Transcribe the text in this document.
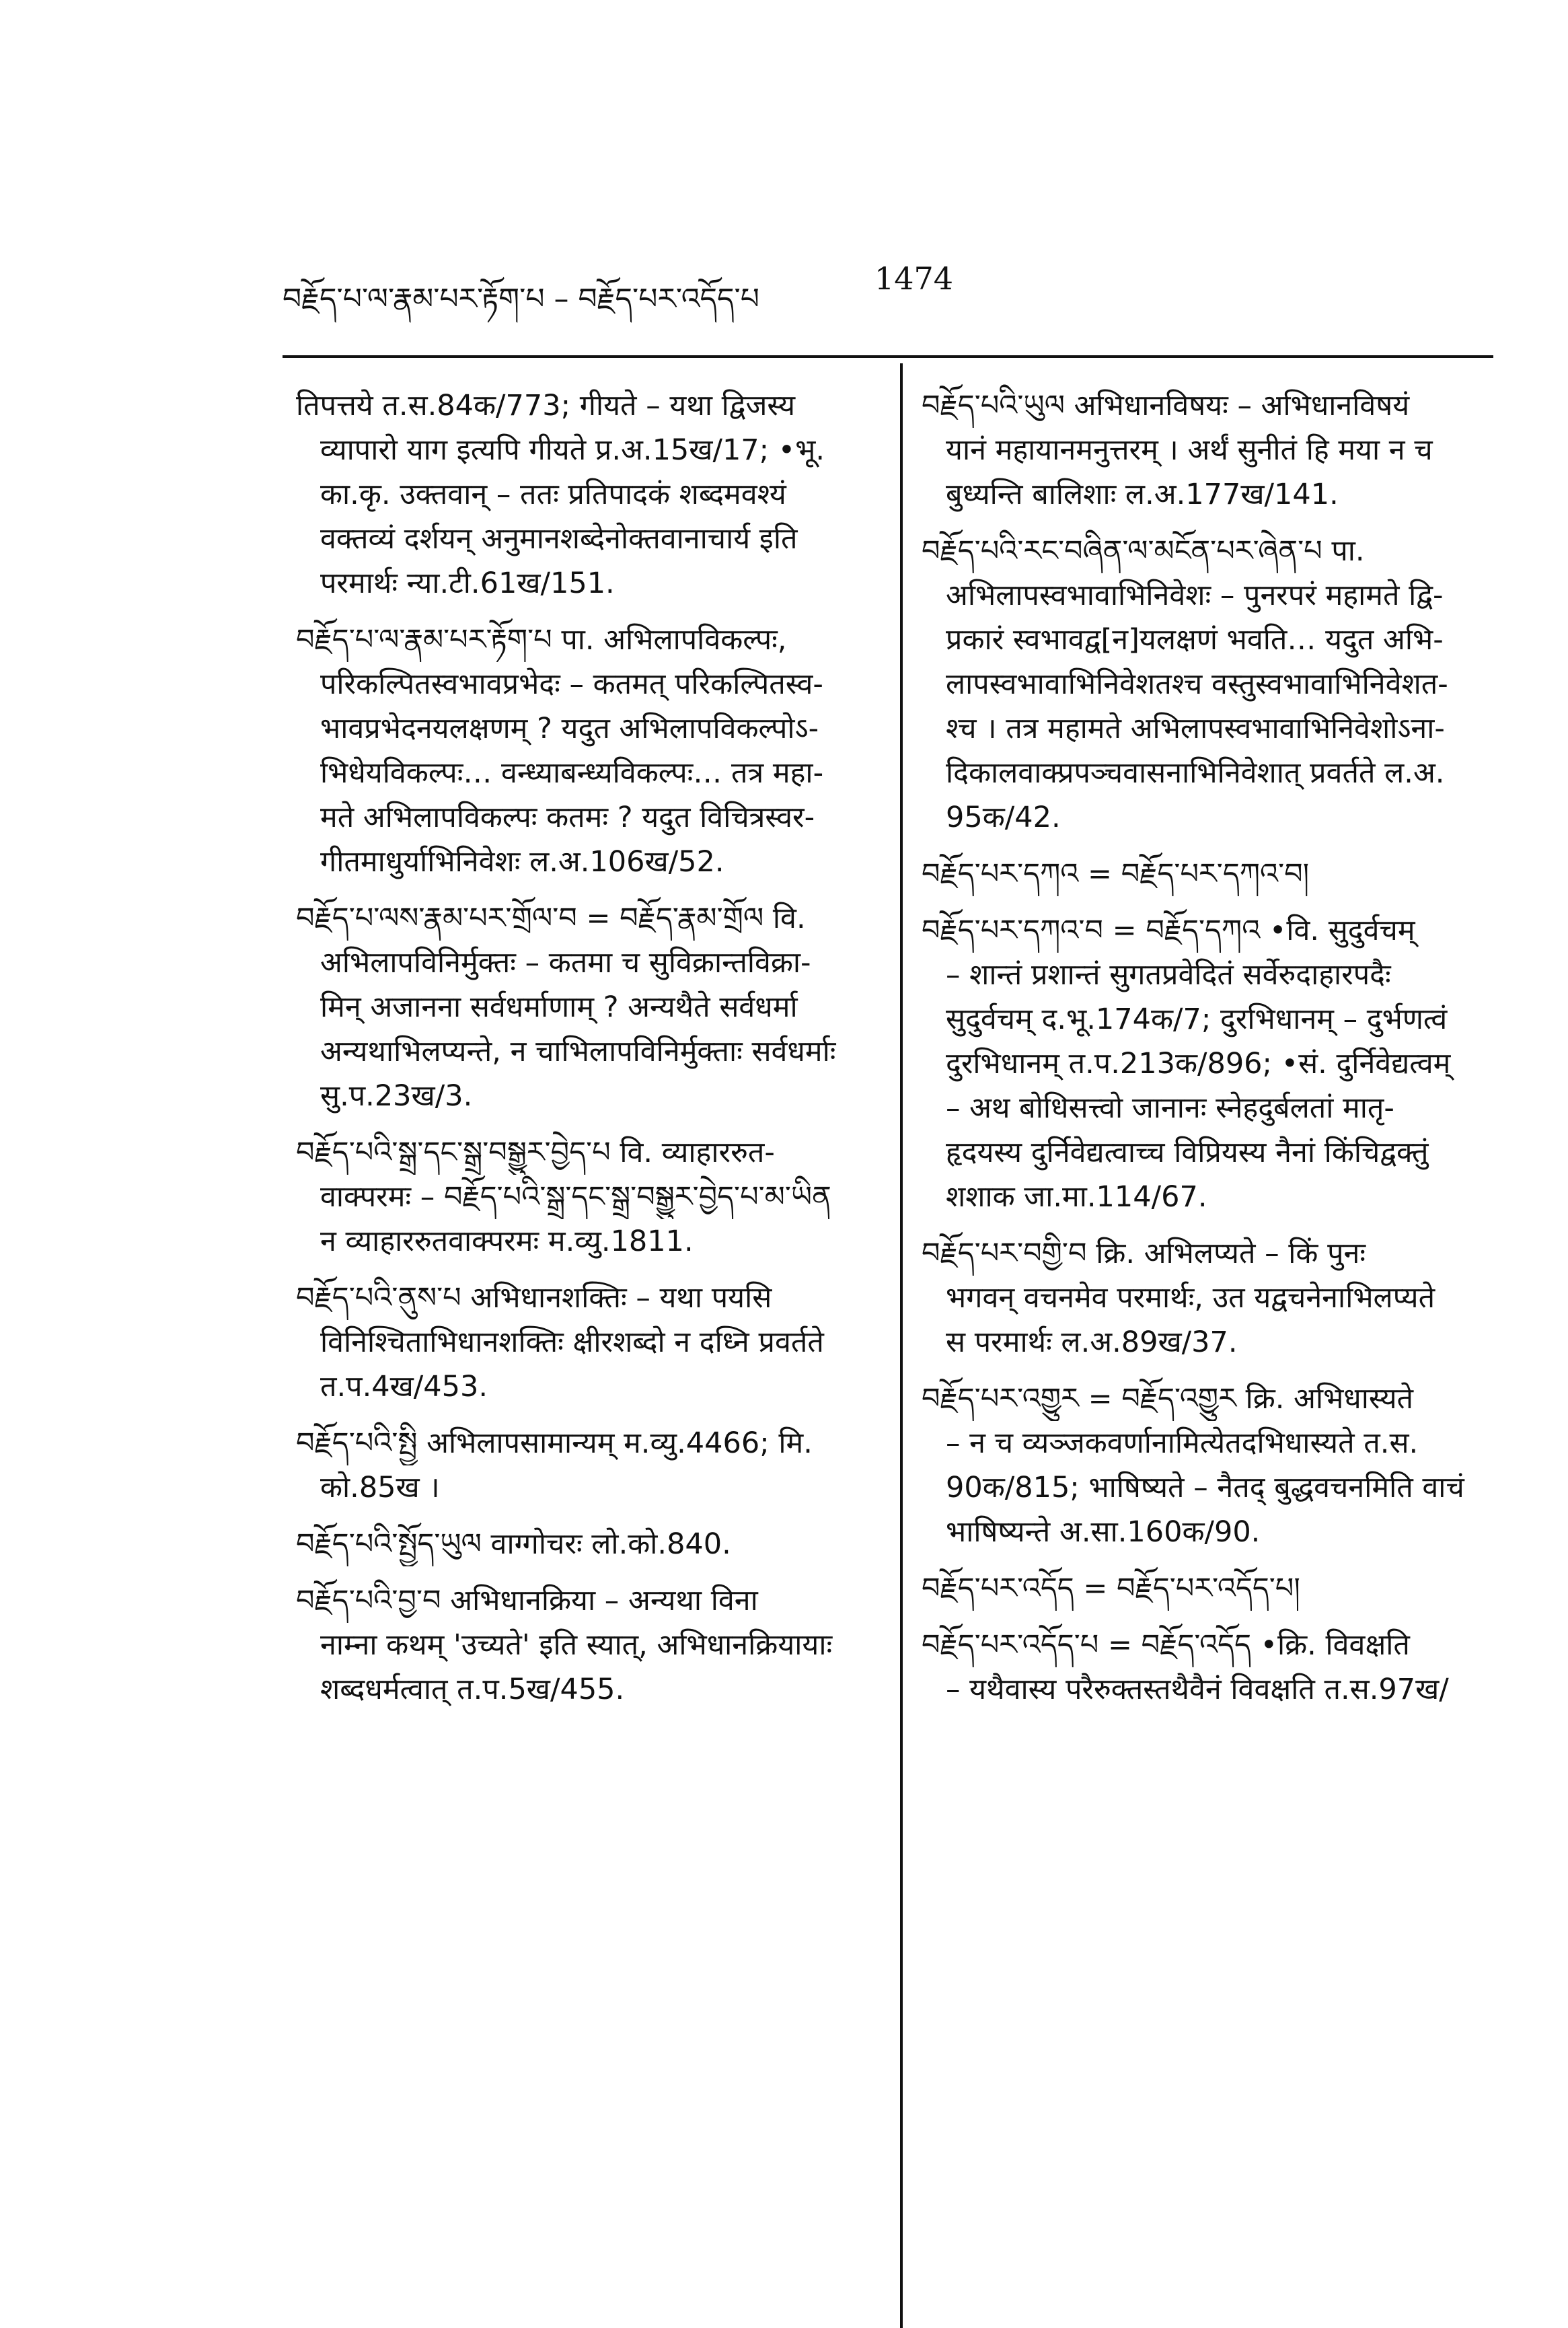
བརྗོད་པ་ལ་རྣམ་པར་རྟོག་པ – བརྗོད་པར་འདོད་པ
1474
तिपत्तये त.स.84क/773; गीयते – यथा द्विजस्य
व्यापारो याग इत्यपि गीयते प्र.अ.15ख/17; •भू.
का.कृ. उक्तवान् – ततः प्रतिपादकं शब्दमवश्यं
वक्तव्यं दर्शयन् अनुमानशब्देनोक्तवानाचार्य इति
परमार्थः न्या.टी.61ख/151.
བརྗོད་པ་ལ་རྣམ་པར་རྟོག་པ पा. अभिलापविकल्पः,
परिकल्पितस्वभावप्रभेदः – कतमत् परिकल्पितस्व-
भावप्रभेदनयलक्षणम् ? यदुत अभिलापविकल्पोऽ-
भिधेयविकल्पः… वन्ध्याबन्ध्यविकल्पः… तत्र महा-
मते अभिलापविकल्पः कतमः ? यदुत विचित्रस्वर-
गीतमाधुर्याभिनिवेशः ल.अ.106ख/52.
བརྗོད་པ་ལས་རྣམ་པར་གྲོལ་བ = བརྗོད་རྣམ་གྲོལ वि.
अभिलापविनिर्मुक्तः – कतमा च सुविक्रान्तविक्रा-
मिन् अजानना सर्वधर्माणाम् ? अन्यथैते सर्वधर्मा
अन्यथाभिलप्यन्ते, न चाभिलापविनिर्मुक्ताः सर्वधर्माः
सु.प.23ख/3.
བརྗོད་པའི་སྒྲ་དང་སྒྲ་བསྒྱུར་བྱེད་པ वि. व्याहाररुत-
वाक्परमः – བརྗོད་པའི་སྒྲ་དང་སྒྲ་བསྒྱུར་བྱེད་པ་མ་ཡིན
न व्याहाररुतवाक्परमः म.व्यु.1811.
བརྗོད་པའི་ནུས་པ अभिधानशक्तिः – यथा पयसि
विनिश्चिताभिधानशक्तिः क्षीरशब्दो न दध्नि प्रवर्तते
त.प.4ख/453.
བརྗོད་པའི་སྤྱི अभिलापसामान्यम् म.व्यु.4466; मि.
को.85ख ।
བརྗོད་པའི་སྤྱོད་ཡུལ वाग्गोचरः लो.को.840.
བརྗོད་པའི་བྱ་བ अभिधानक्रिया – अन्यथा विना
नाम्ना कथम् 'उच्यते' इति स्यात्, अभिधानक्रियायाः
शब्दधर्मत्वात् त.प.5ख/455.
བརྗོད་པའི་ཡུལ अभिधानविषयः – अभिधानविषयं
यानं महायानमनुत्तरम् । अर्थं सुनीतं हि मया न च
बुध्यन्ति बालिशाः ल.अ.177ख/141.
བརྗོད་པའི་རང་བཞིན་ལ་མངོན་པར་ཞེན་པ पा.
अभिलापस्वभावाभिनिवेशः – पुनरपरं महामते द्वि-
प्रकारं स्वभावद्व[न]यलक्षणं भवति… यदुत अभि-
लापस्वभावाभिनिवेशतश्च वस्तुस्वभावाभिनिवेशत-
श्च । तत्र महामते अभिलापस्वभावाभिनिवेशोऽना-
दिकालवाक्प्रपञ्चवासनाभिनिवेशात् प्रवर्तते ल.अ.
95क/42.
བརྗོད་པར་དཀའ = བརྗོད་པར་དཀའ་བ།
བརྗོད་པར་དཀའ་བ = བརྗོད་དཀའ •वि. सुदुर्वचम्
– शान्तं प्रशान्तं सुगतप्रवेदितं सर्वेरुदाहारपदैः
सुदुर्वचम् द.भू.174क/7; दुरभिधानम् – दुर्भणत्वं
दुरभिधानम् त.प.213क/896; •सं. दुर्निवेद्यत्वम्
– अथ बोधिसत्त्वो जानानः स्नेहदुर्बलतां मातृ-
हृदयस्य दुर्निवेद्यत्वाच्च विप्रियस्य नैनां किंचिद्वक्तुं
शशाक जा.मा.114/67.
བརྗོད་པར་བགྱི་བ क्रि. अभिलप्यते – किं पुनः
भगवन् वचनमेव परमार्थः, उत यद्वचनेनाभिलप्यते
स परमार्थः ल.अ.89ख/37.
བརྗོད་པར་འགྱུར = བརྗོད་འགྱུར क्रि. अभिधास्यते
– न च व्यञ्जकवर्णानामित्येतदभिधास्यते त.स.
90क/815; भाषिष्यते – नैतद् बुद्धवचनमिति वाचं
भाषिष्यन्ते अ.सा.160क/90.
བརྗོད་པར་འདོད = བརྗོད་པར་འདོད་པ།
བརྗོད་པར་འདོད་པ = བརྗོད་འདོད •क्रि. विवक्षति
– यथैवास्य परैरुक्तस्तथैवैनं विवक्षति त.स.97ख/
